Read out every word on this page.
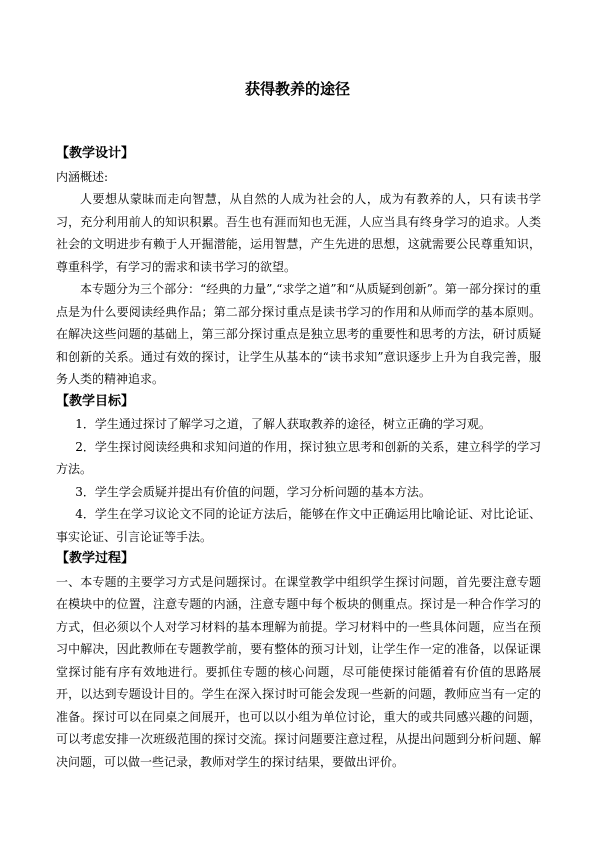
获得教养的途径
【教学设计】

内涵概述:

人要想从蒙昧而走向智慧，从自然的人成为社会的人，成为有教养的人，只有读书学习，充分利用前人的知识积累。吾生也有涯而知也无涯，人应当具有终身学习的追求。人类社会的文明进步有赖于人开掘潜能，运用智慧，产生先进的思想，这就需要公民尊重知识，尊重科学，有学习的需求和读书学习的欲望。

本专题分为三个部分：“经典的力量”,“求学之道”和“从质疑到创新”。第一部分探讨的重点是为什么要阅读经典作品；第二部分探讨重点是读书学习的作用和从师而学的基本原则。在解决这些问题的基础上，第三部分探讨重点是独立思考的重要性和思考的方法，研讨质疑和创新的关系。通过有效的探讨，让学生从基本的“读书求知”意识逐步上升为自我完善，服务人类的精神追求。

【教学目标】

1．学生通过探讨了解学习之道，了解人获取教养的途径，树立正确的学习观。

2．学生探讨阅读经典和求知问道的作用，探讨独立思考和创新的关系，建立科学的学习方法。

3．学生学会质疑并提出有价值的问题，学习分析问题的基本方法。

4．学生在学习议论文不同的论证方法后，能够在作文中正确运用比喻论证、对比论证、事实论证、引言论证等手法。

【教学过程】

一、本专题的主要学习方式是问题探讨。在课堂教学中组织学生探讨问题，首先要注意专题在模块中的位置，注意专题的内涵，注意专题中每个板块的侧重点。探讨是一种合作学习的方式，但必须以个人对学习材料的基本理解为前提。学习材料中的一些具体问题，应当在预习中解决，因此教师在专题教学前，要有整体的预习计划，让学生作一定的准备，以保证课堂探讨能有序有效地进行。要抓住专题的核心问题，尽可能使探讨能循着有价值的思路展开，以达到专题设计目的。学生在深入探讨时可能会发现一些新的问题，教师应当有一定的准备。探讨可以在同桌之间展开，也可以以小组为单位讨论，重大的或共同感兴趣的问题，可以考虑安排一次班级范围的探讨交流。探讨问题要注意过程，从提出问题到分析问题、解决问题，可以做一些记录，教师对学生的探讨结果，要做出评价。
